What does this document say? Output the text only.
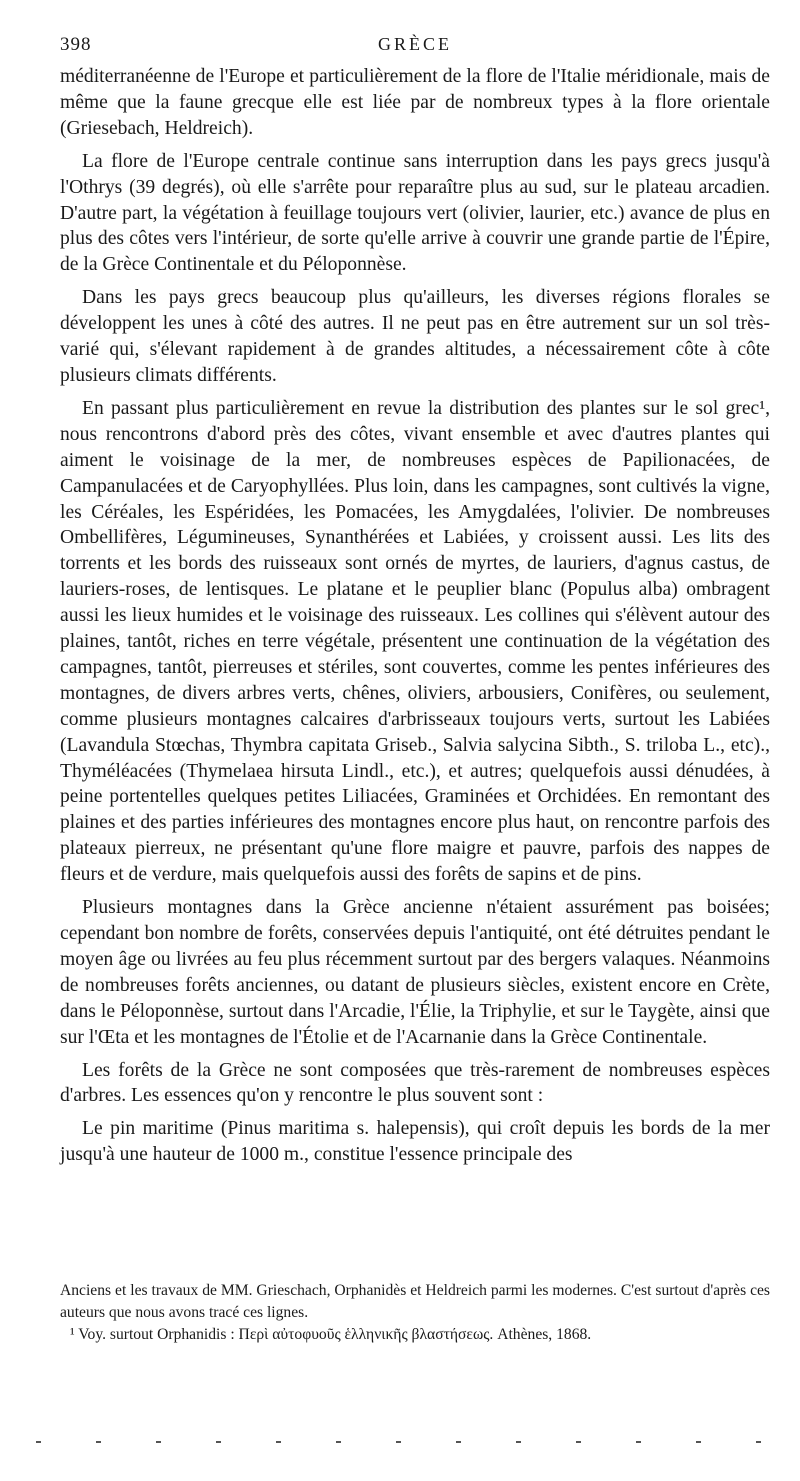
398	GRÈCE

méditerranéenne de l'Europe et particulièrement de la flore de l'Italie méridionale, mais de même que la faune grecque elle est liée par de nombreux types à la flore orientale (Griesebach, Heldreich).

La flore de l'Europe centrale continue sans interruption dans les pays grecs jusqu'à l'Othrys (39 degrés), où elle s'arrête pour reparaître plus au sud, sur le plateau arcadien. D'autre part, la végétation à feuillage toujours vert (olivier, laurier, etc.) avance de plus en plus des côtes vers l'intérieur, de sorte qu'elle arrive à couvrir une grande partie de l'Épire, de la Grèce Continentale et du Péloponnèse.

Dans les pays grecs beaucoup plus qu'ailleurs, les diverses régions florales se développent les unes à côté des autres. Il ne peut pas en être autrement sur un sol très-varié qui, s'élevant rapidement à de grandes altitudes, a nécessairement côte à côte plusieurs climats différents.

En passant plus particulièrement en revue la distribution des plantes sur le sol grec¹, nous rencontrons d'abord près des côtes, vivant ensemble et avec d'autres plantes qui aiment le voisinage de la mer, de nombreuses espèces de Papilionacées, de Campanulacées et de Caryophyllées. Plus loin, dans les campagnes, sont cultivés la vigne, les Céréales, les Espéridées, les Pomacées, les Amygdalées, l'olivier. De nombreuses Ombellifères, Légumineuses, Synanthérées et Labiées, y croissent aussi. Les lits des torrents et les bords des ruisseaux sont ornés de myrtes, de lauriers, d'agnus castus, de lauriers-roses, de lentisques. Le platane et le peuplier blanc (Populus alba) ombragent aussi les lieux humides et le voisinage des ruisseaux. Les collines qui s'élèvent autour des plaines, tantôt, riches en terre végétale, présentent une continuation de la végétation des campagnes, tantôt, pierreuses et stériles, sont couvertes, comme les pentes inférieures des montagnes, de divers arbres verts, chênes, oliviers, arbousiers, Conifères, ou seulement, comme plusieurs montagnes calcaires d'arbrisseaux toujours verts, surtout les Labiées (Lavandula Stœchas, Thymbra capitata Griseb., Salvia salycina Sibth., S. triloba L., etc)., Thyméléacées (Thymelaea hirsuta Lindl., etc.), et autres; quelquefois aussi dénudées, à peine portentelles quelques petites Liliacées, Graminées et Orchidées. En remontant des plaines et des parties inférieures des montagnes encore plus haut, on rencontre parfois des plateaux pierreux, ne présentant qu'une flore maigre et pauvre, parfois des nappes de fleurs et de verdure, mais quelquefois aussi des forêts de sapins et de pins.

Plusieurs montagnes dans la Grèce ancienne n'étaient assurément pas boisées; cependant bon nombre de forêts, conservées depuis l'antiquité, ont été détruites pendant le moyen âge ou livrées au feu plus récemment surtout par des bergers valaques. Néanmoins de nombreuses forêts anciennes, ou datant de plusieurs siècles, existent encore en Crète, dans le Péloponnèse, surtout dans l'Arcadie, l'Élie, la Triphylie, et sur le Taygète, ainsi que sur l'Œta et les montagnes de l'Étolie et de l'Acarnanie dans la Grèce Continentale.

Les forêts de la Grèce ne sont composées que très-rarement de nombreuses espèces d'arbres. Les essences qu'on y rencontre le plus souvent sont :

Le pin maritime (Pinus maritima s. halepensis), qui croît depuis les bords de la mer jusqu'à une hauteur de 1000 m., constitue l'essence principale des

Anciens et les travaux de MM. Grieschach, Orphanidès et Heldreich parmi les modernes. C'est surtout d'après ces auteurs que nous avons tracé ces lignes.

¹ Voy. surtout Orphanidis : Περὶ αὐτοφυοῦς ἑλληνικῆς βλαστήσεως. Athènes, 1868.
